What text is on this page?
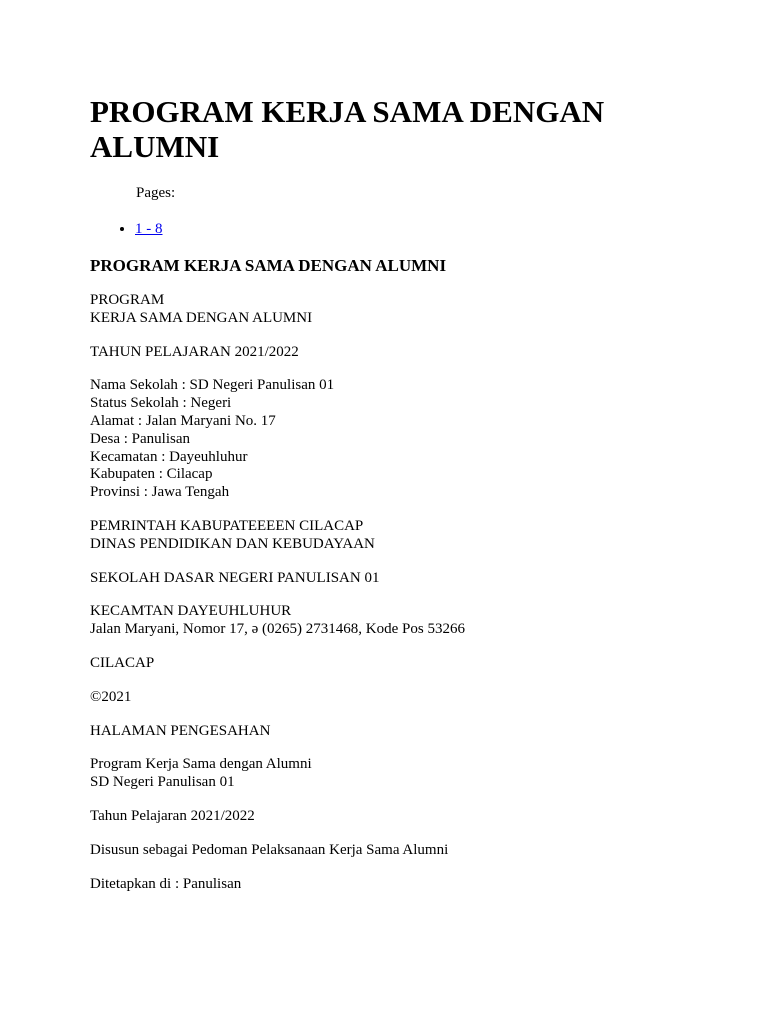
PROGRAM KERJA SAMA DENGAN ALUMNI
Pages:
• 1 - 8
PROGRAM KERJA SAMA DENGAN ALUMNI
PROGRAM
KERJA SAMA DENGAN ALUMNI
TAHUN PELAJARAN 2021/2022
Nama Sekolah : SD Negeri Panulisan 01
Status Sekolah : Negeri
Alamat : Jalan Maryani No. 17
Desa : Panulisan
Kecamatan : Dayeuhluhur
Kabupaten : Cilacap
Provinsi : Jawa Tengah
PEMRINTAH KABUPATEEEEN CILACAP
DINAS PENDIDIKAN DAN KEBUDAYAAN
SEKOLAH DASAR NEGERI PANULISAN 01
KECAMTAN DAYEUHLUHUR
Jalan Maryani, Nomor 17, ə (0265) 2731468, Kode Pos 53266
CILACAP
©2021
HALAMAN PENGESAHAN
Program Kerja Sama dengan Alumni
SD Negeri Panulisan 01
Tahun Pelajaran 2021/2022
Disusun sebagai Pedoman Pelaksanaan Kerja Sama Alumni
Ditetapkan di : Panulisan
